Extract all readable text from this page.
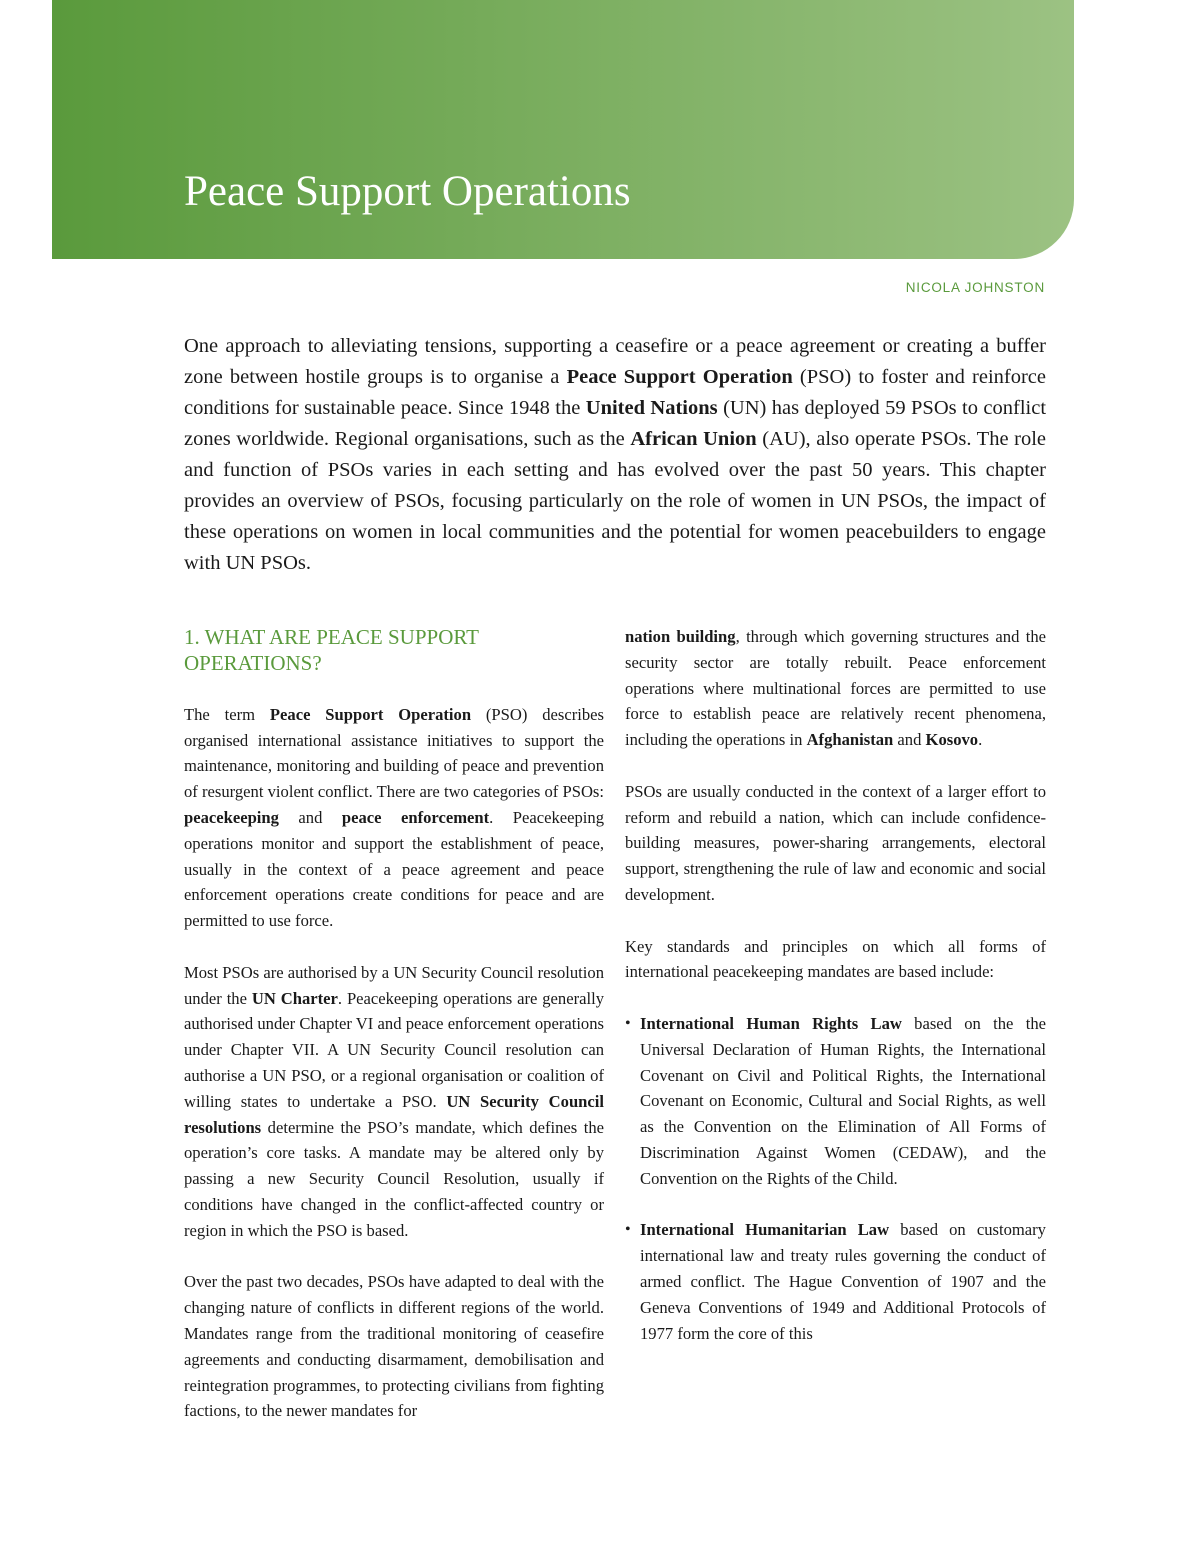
Peace Support Operations
NICOLA JOHNSTON

One approach to alleviating tensions, supporting a ceasefire or a peace agreement or creating a buffer zone between hostile groups is to organise a Peace Support Operation (PSO) to foster and reinforce conditions for sustainable peace. Since 1948 the United Nations (UN) has deployed 59 PSOs to conflict zones worldwide. Regional organisations, such as the African Union (AU), also operate PSOs. The role and function of PSOs varies in each setting and has evolved over the past 50 years. This chapter provides an overview of PSOs, focusing particularly on the role of women in UN PSOs, the impact of these operations on women in local communities and the potential for women peacebuilders to engage with UN PSOs.

1. WHAT ARE PEACE SUPPORT OPERATIONS?

The term Peace Support Operation (PSO) describes organised international assistance initiatives to support the maintenance, monitoring and building of peace and prevention of resurgent violent conflict. There are two categories of PSOs: peacekeeping and peace enforcement. Peacekeeping operations monitor and support the establishment of peace, usually in the context of a peace agreement and peace enforcement operations create conditions for peace and are permitted to use force.

Most PSOs are authorised by a UN Security Council resolution under the UN Charter. Peacekeeping operations are generally authorised under Chapter VI and peace enforcement operations under Chapter VII. A UN Security Council resolution can authorise a UN PSO, or a regional organisation or coalition of willing states to undertake a PSO. UN Security Council resolutions determine the PSO’s mandate, which defines the operation’s core tasks. A mandate may be altered only by passing a new Security Council Resolution, usually if conditions have changed in the conflict-affected country or region in which the PSO is based.

Over the past two decades, PSOs have adapted to deal with the changing nature of conflicts in different regions of the world. Mandates range from the traditional monitoring of ceasefire agreements and conducting disarmament, demobilisation and reintegration programmes, to protecting civilians from fighting factions, to the newer mandates for

nation building, through which governing structures and the security sector are totally rebuilt. Peace enforcement operations where multinational forces are permitted to use force to establish peace are relatively recent phenomena, including the operations in Afghanistan and Kosovo.

PSOs are usually conducted in the context of a larger effort to reform and rebuild a nation, which can include confidence-building measures, power-sharing arrangements, electoral support, strengthening the rule of law and economic and social development.

Key standards and principles on which all forms of international peacekeeping mandates are based include:

• International Human Rights Law based on the the Universal Declaration of Human Rights, the International Covenant on Civil and Political Rights, the International Covenant on Economic, Cultural and Social Rights, as well as the Convention on the Elimination of All Forms of Discrimination Against Women (CEDAW), and the Convention on the Rights of the Child.
• International Humanitarian Law based on customary international law and treaty rules governing the conduct of armed conflict. The Hague Convention of 1907 and the Geneva Conventions of 1949 and Additional Protocols of 1977 form the core of this
